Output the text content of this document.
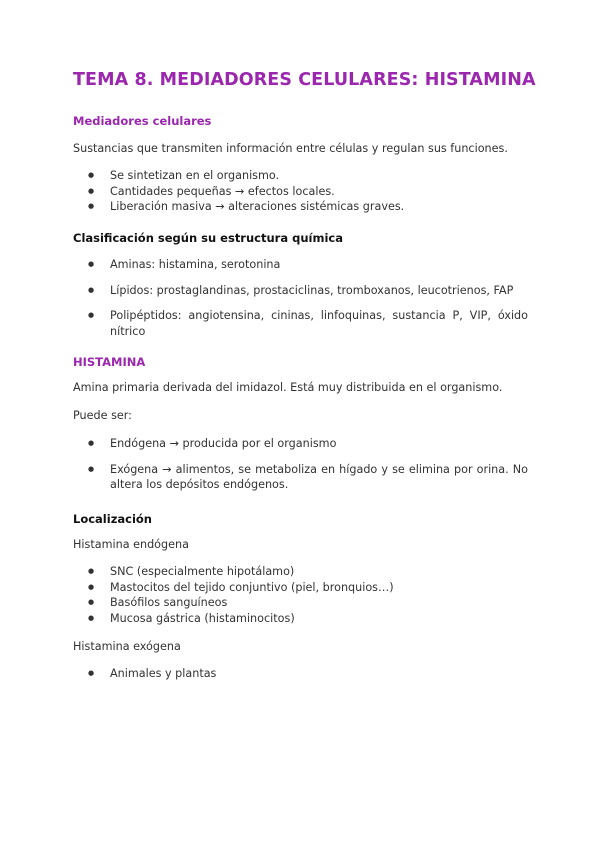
TEMA 8. MEDIADORES CELULARES: HISTAMINA
Mediadores celulares

Sustancias que transmiten información entre células y regulan sus funciones.

● Se sintetizan en el organismo.
● Cantidades pequeñas → efectos locales.
● Liberación masiva → alteraciones sistémicas graves.
Clasificación según su estructura química
● Aminas: histamina, serotonina
● Lípidos: prostaglandinas, prostaciclinas, tromboxanos, leucotrienos, FAP
● Polipéptidos: angiotensina, cininas, linfoquinas, sustancia P, VIP, óxido nítrico
HISTAMINA

Amina primaria derivada del imidazol. Está muy distribuida en el organismo.

Puede ser:

● Endógena → producida por el organismo
● Exógena → alimentos, se metaboliza en hígado y se elimina por orina. No altera los depósitos endógenos.
Localización

Histamina endógena

● SNC (especialmente hipotálamo)
● Mastocitos del tejido conjuntivo (piel, bronquios…)
● Basófilos sanguíneos
● Mucosa gástrica (histaminocitos)

Histamina exógena

● Animales y plantas
